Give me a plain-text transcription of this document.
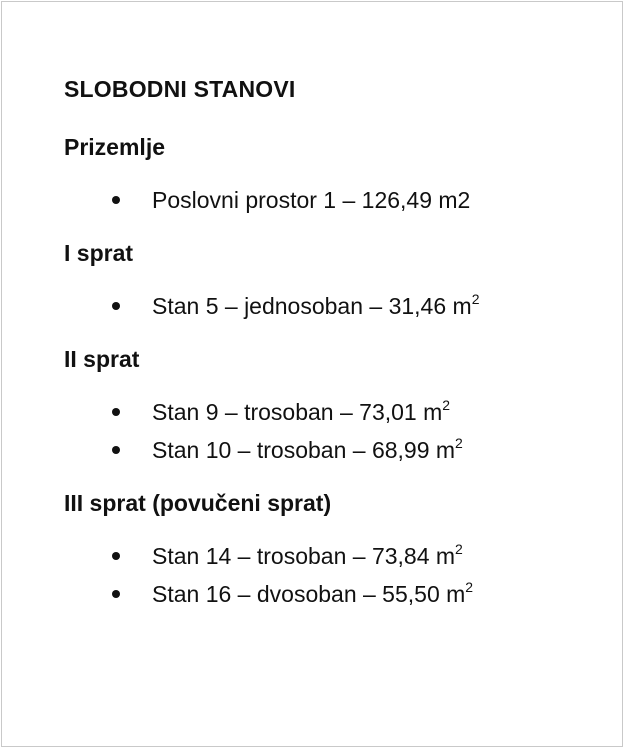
SLOBODNI STANOVI
Prizemlje
Poslovni prostor 1 – 126,49 m2
I sprat
Stan 5 – jednosoban – 31,46 $m^2$
II sprat
Stan 9 – trosoban – 73,01 $m^2$
Stan 10 – trosoban – 68,99 $m^2$
III sprat (povučeni sprat)
Stan 14 – trosoban – 73,84 $m^2$
Stan 16 – dvosoban – 55,50 $m^2$
